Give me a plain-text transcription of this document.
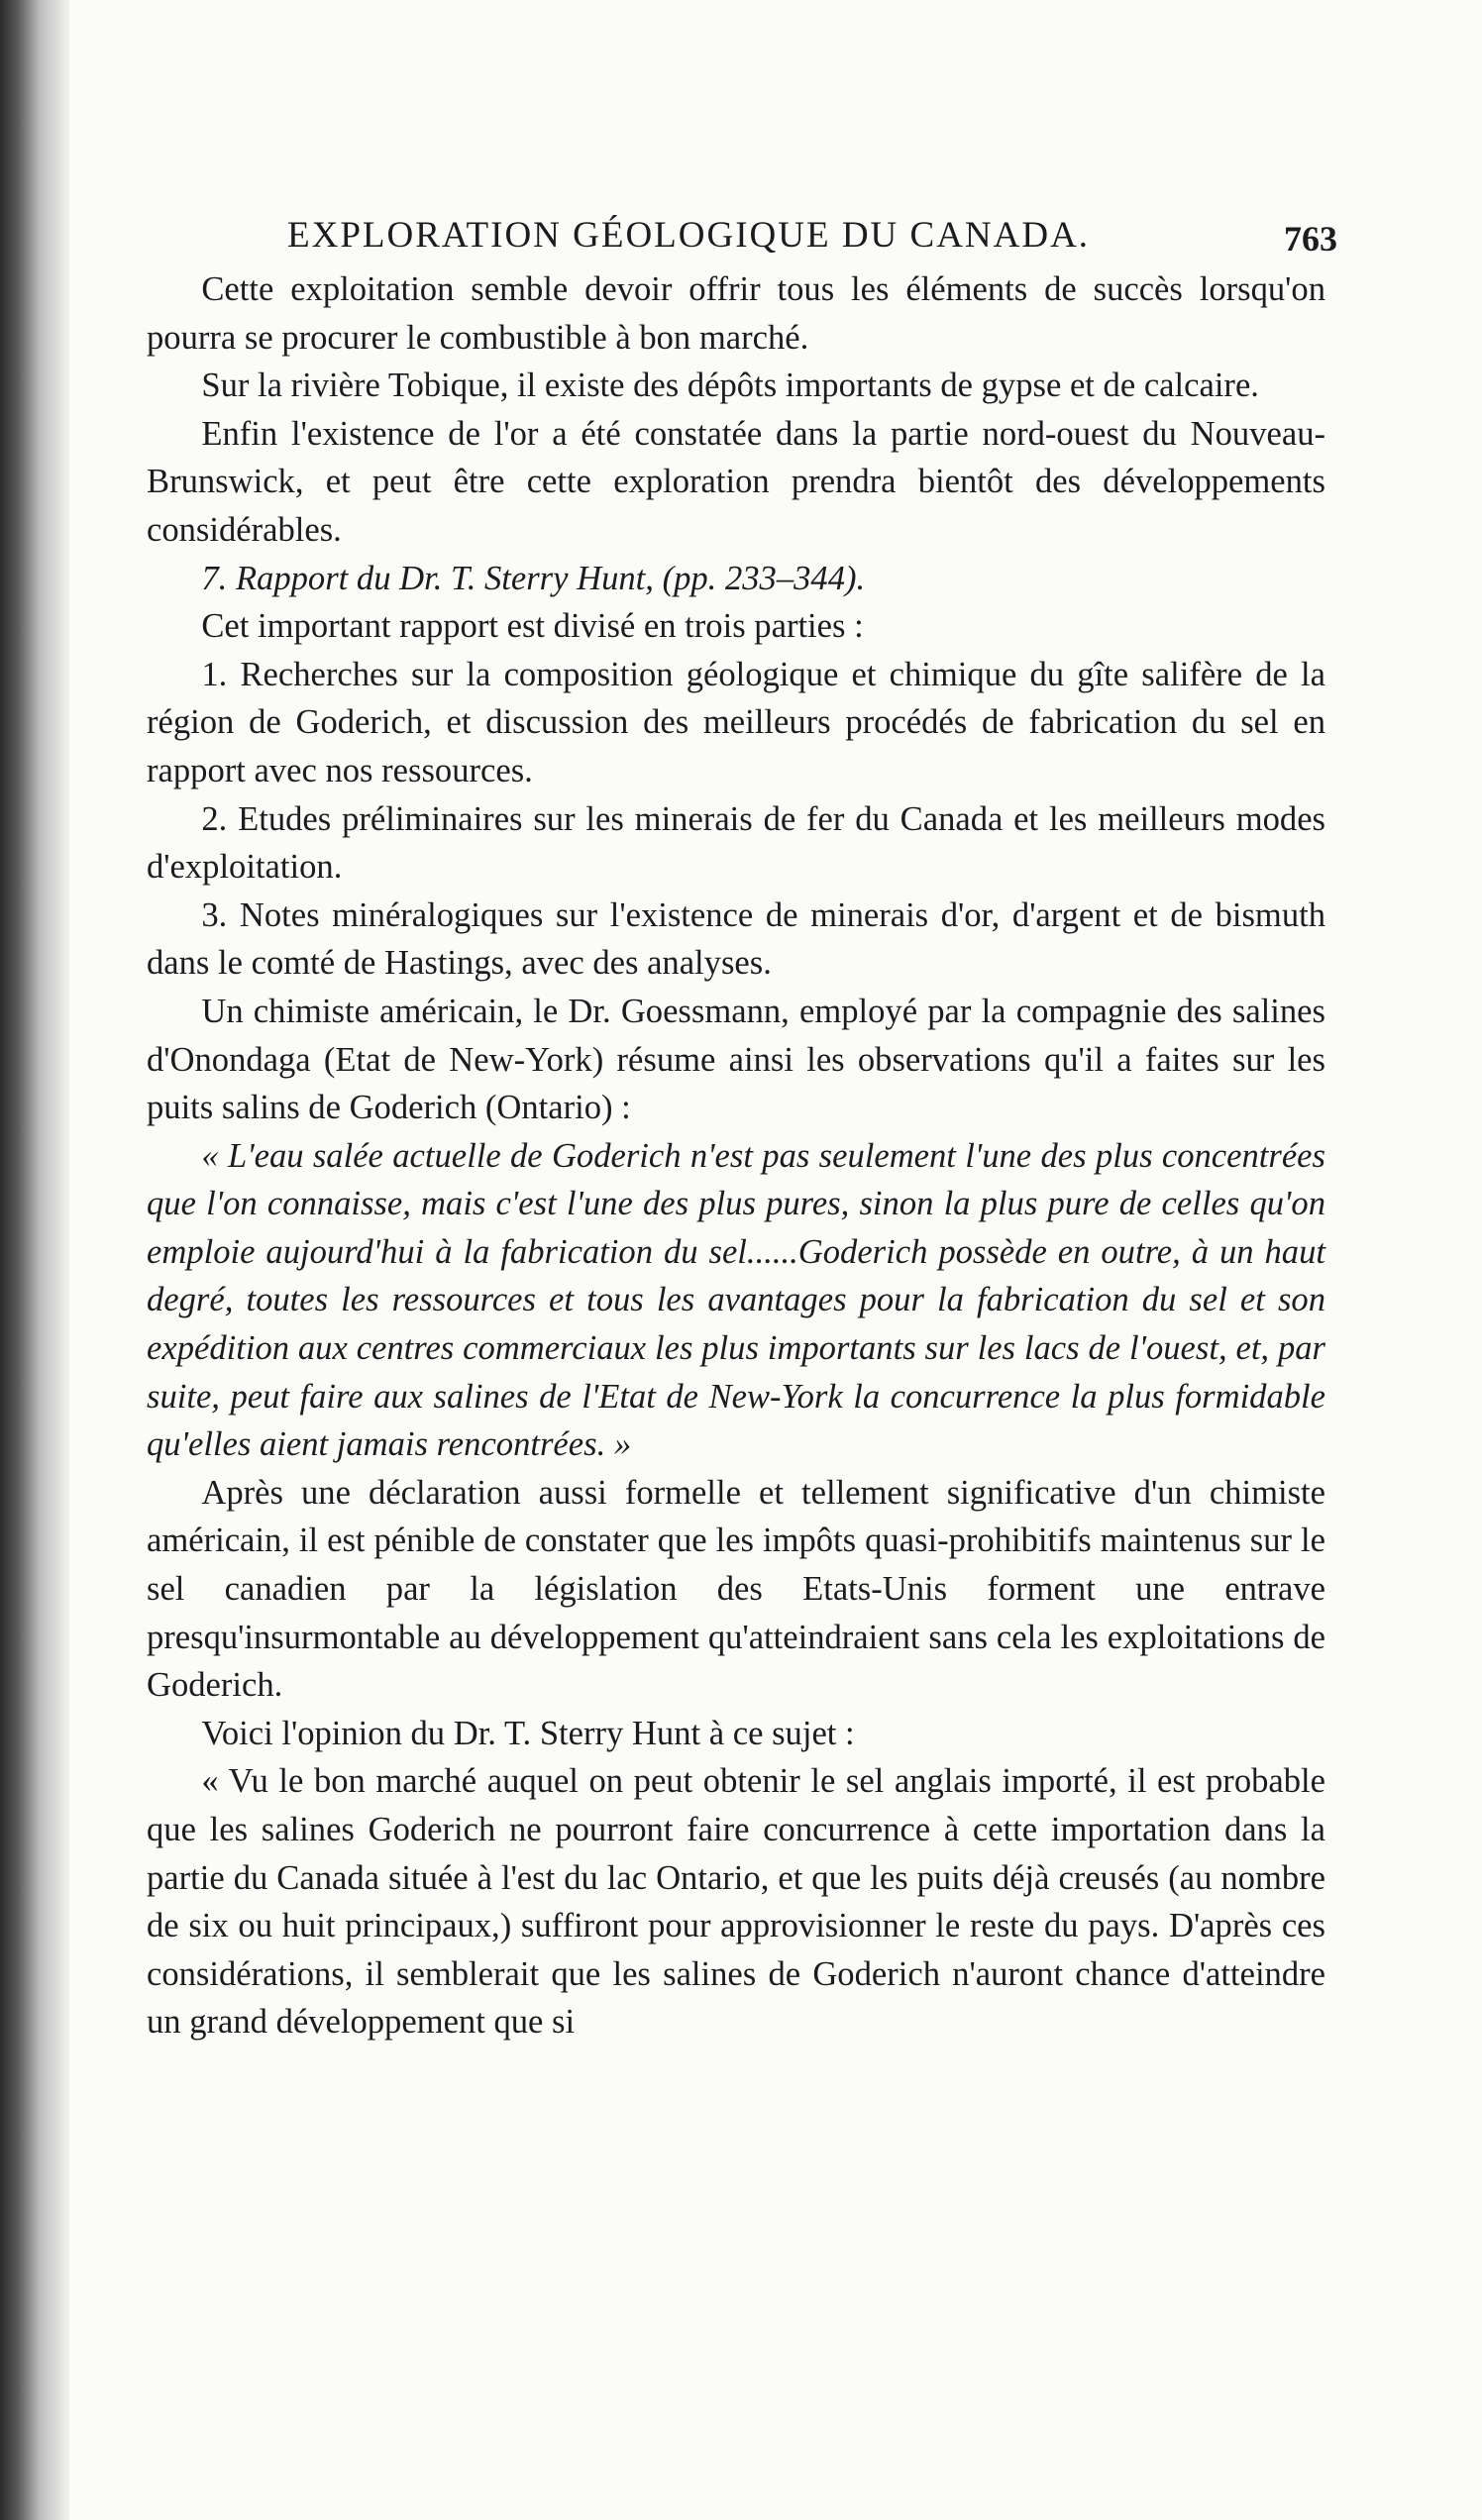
EXPLORATION GÉOLOGIQUE DU CANADA.	763

Cette exploitation semble devoir offrir tous les éléments de succès lorsqu'on pourra se procurer le combustible à bon marché.

Sur la rivière Tobique, il existe des dépôts importants de gypse et de calcaire.

Enfin l'existence de l'or a été constatée dans la partie nord-ouest du Nouveau-Brunswick, et peut être cette exploration prendra bientôt des développements considérables.

7. Rapport du Dr. T. Sterry Hunt, (pp. 233–344).

Cet important rapport est divisé en trois parties :

1. Recherches sur la composition géologique et chimique du gîte salifère de la région de Goderich, et discussion des meilleurs procédés de fabrication du sel en rapport avec nos ressources.

2. Etudes préliminaires sur les minerais de fer du Canada et les meilleurs modes d'exploitation.

3. Notes minéralogiques sur l'existence de minerais d'or, d'argent et de bismuth dans le comté de Hastings, avec des analyses.

Un chimiste américain, le Dr. Goessmann, employé par la compagnie des salines d'Onondaga (Etat de New-York) résume ainsi les observations qu'il a faites sur les puits salins de Goderich (Ontario) :

« L'eau salée actuelle de Goderich n'est pas seulement l'une des plus concentrées que l'on connaisse, mais c'est l'une des plus pures, sinon la plus pure de celles qu'on emploie aujourd'hui à la fabrication du sel......Goderich possède en outre, à un haut degré, toutes les ressources et tous les avantages pour la fabrication du sel et son expédition aux centres commerciaux les plus importants sur les lacs de l'ouest, et, par suite, peut faire aux salines de l'Etat de New-York la concurrence la plus formidable qu'elles aient jamais rencontrées. »

Après une déclaration aussi formelle et tellement significative d'un chimiste américain, il est pénible de constater que les impôts quasi-prohibitifs maintenus sur le sel canadien par la législation des Etats-Unis forment une entrave presqu'insurmontable au développement qu'atteindraient sans cela les exploitations de Goderich.

Voici l'opinion du Dr. T. Sterry Hunt à ce sujet :

« Vu le bon marché auquel on peut obtenir le sel anglais importé, il est probable que les salines Goderich ne pourront faire concurrence à cette importation dans la partie du Canada située à l'est du lac Ontario, et que les puits déjà creusés (au nombre de six ou huit principaux,) suffiront pour approvisionner le reste du pays. D'après ces considérations, il semblerait que les salines de Goderich n'auront chance d'atteindre un grand développement que si
